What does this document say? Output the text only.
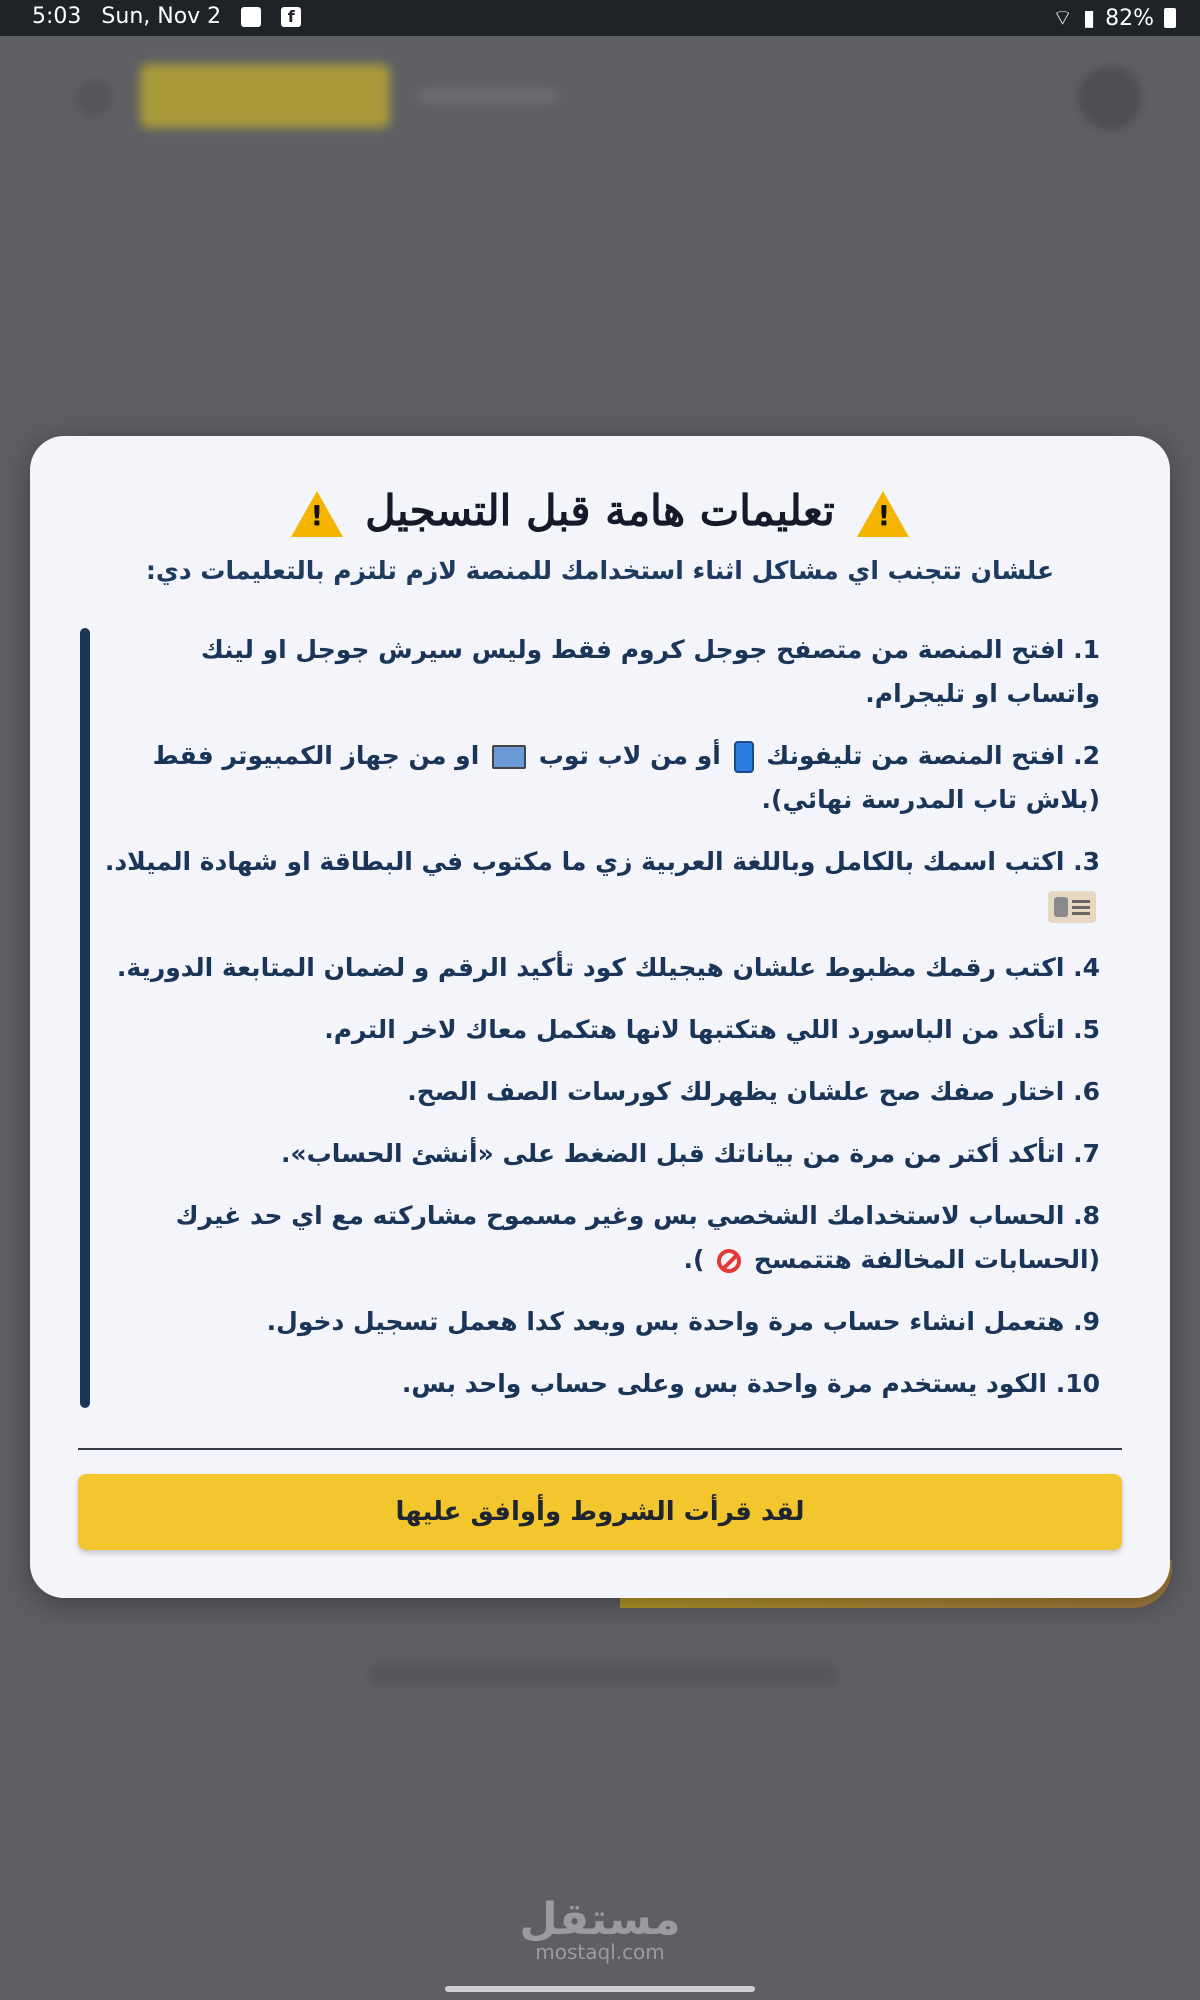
5:03 Sun, Nov 2	f	⌔ ▮ 82%
! تعليمات هامة قبل التسجيل !
علشان تتجنب اي مشاكل اثناء استخدامك للمنصة لازم تلتزم بالتعليمات دي:
1. افتح المنصة من متصفح جوجل كروم فقط وليس سيرش جوجل او لينك واتساب او تليجرام.
2. افتح المنصة من تليفونك  أو من لاب توب  او من جهاز الكمبيوتر فقط (بلاش تاب المدرسة نهائي).
3. اكتب اسمك بالكامل وباللغة العربية زي ما مكتوب في البطاقة او شهادة الميلاد.
4. اكتب رقمك مظبوط علشان هيجيلك كود تأكيد الرقم و لضمان المتابعة الدورية.
5. اتأكد من الباسورد اللي هتكتبها لانها هتكمل معاك لاخر الترم.
6. اختار صفك صح علشان يظهرلك كورسات الصف الصح.
7. اتأكد أكتر من مرة من بياناتك قبل الضغط على «أنشئ الحساب».
8. الحساب لاستخدامك الشخصي بس وغير مسموح مشاركته مع اي حد غيرك (الحسابات المخالفة هتتمسح  ).
9. هتعمل انشاء حساب مرة واحدة بس وبعد كدا هعمل تسجيل دخول.
10. الكود يستخدم مرة واحدة بس وعلى حساب واحد بس.
لقد قرأت الشروط وأوافق عليها
مستقل
mostaql.com
